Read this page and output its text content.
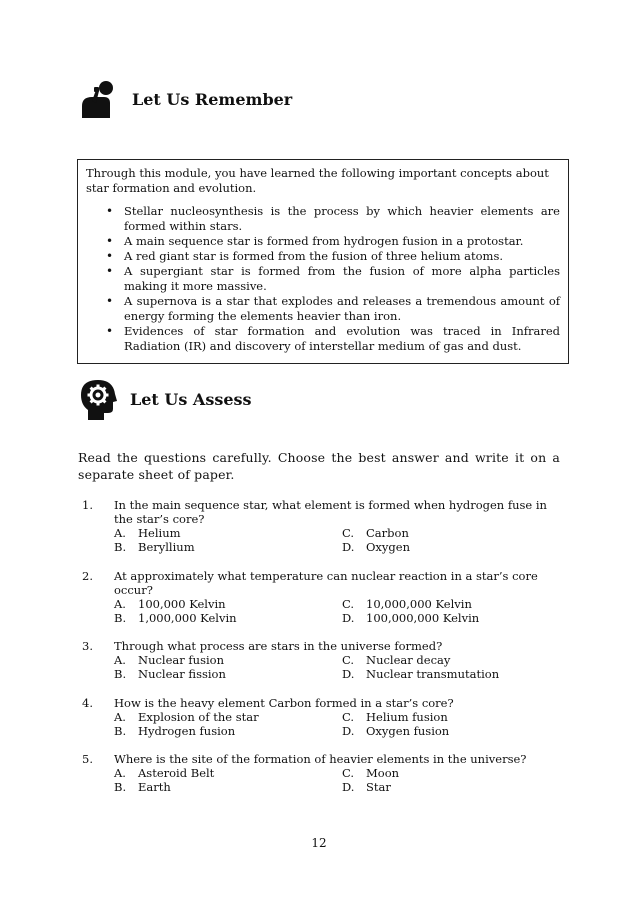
Let Us Remember

Through this module, you have learned the following important concepts about star formation and evolution.

• Stellar nucleosynthesis is the process by which heavier elements are formed within stars.
• A main sequence star is formed from hydrogen fusion in a protostar.
• A red giant star is formed from the fusion of three helium atoms.
• A supergiant star is formed from the fusion of more alpha particles making it more massive.
• A supernova is a star that explodes and releases a tremendous amount of energy forming the elements heavier than iron.
• Evidences of star formation and evolution was traced in Infrared Radiation (IR) and discovery of interstellar medium of gas and dust.
Let Us Assess

Read the questions carefully. Choose the best answer and write it on a separate sheet of paper.

1. In the main sequence star, what element is formed when hydrogen fuse in the star’s core?

A.	Helium	C.	Carbon
B.	Beryllium	D.	Oxygen
2. At approximately what temperature can nuclear reaction in a star’s core occur?

A.	100,000 Kelvin	C.	10,000,000 Kelvin
B.	1,000,000 Kelvin	D.	100,000,000 Kelvin
3. Through what process are stars in the universe formed?

A.	Nuclear fusion	C.	Nuclear decay
B.	Nuclear fission	D.	Nuclear transmutation
4. How is the heavy element Carbon formed in a star’s core?

A.	Explosion of the star	C.	Helium fusion
B.	Hydrogen fusion	D.	Oxygen fusion
5. Where is the site of the formation of heavier elements in the universe?

A.	Asteroid Belt	C.	Moon
B.	Earth	D.	Star
12
